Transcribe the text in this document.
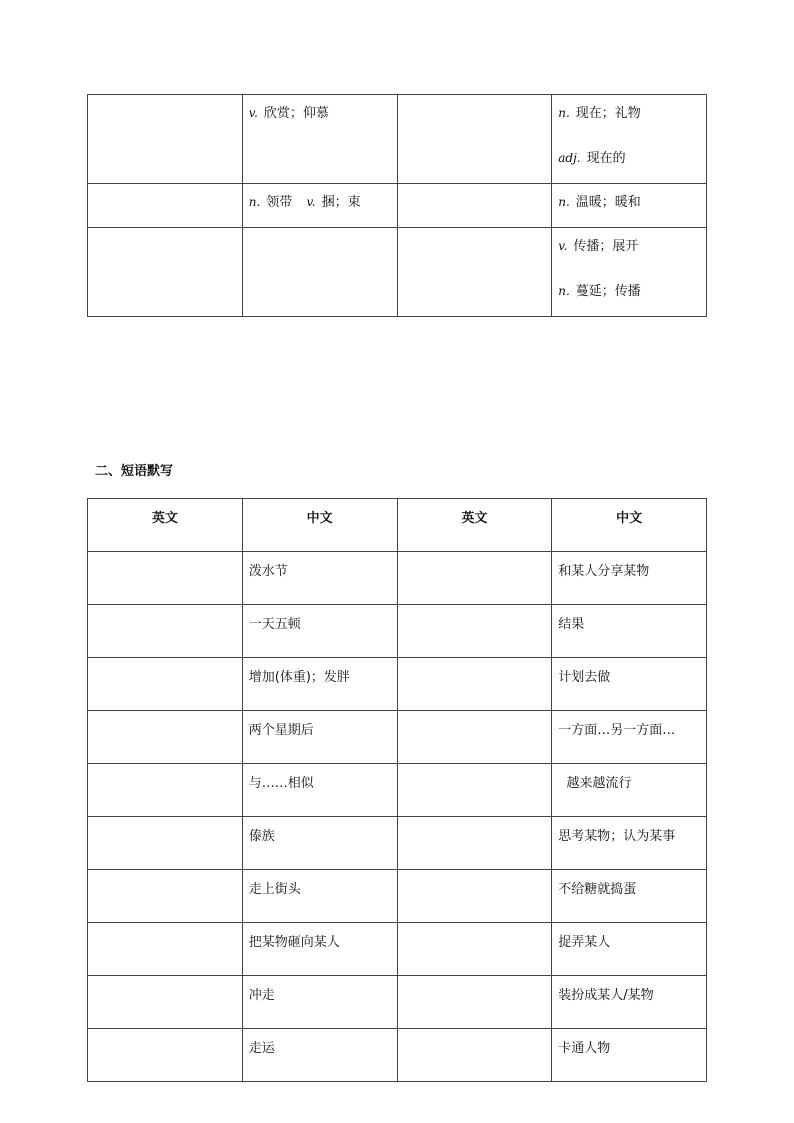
	v. 欣赏；仰慕		n. 现在；礼物
adj. 现在的

	n. 领带 v. 捆；束		n. 温暖；暖和

			v. 传播；展开
n. 蔓延；传播
二、短语默写
英文	中文	英文	中文
	泼水节		和某人分享某物
	一天五顿		结果
	增加(体重)；发胖		计划去做
	两个星期后		一方面…另一方面…
	与……相似		越来越流行
	傣族		思考某物；认为某事
	走上街头		不给糖就捣蛋
	把某物砸向某人		捉弄某人
	冲走		装扮成某人/某物
	走运		卡通人物
